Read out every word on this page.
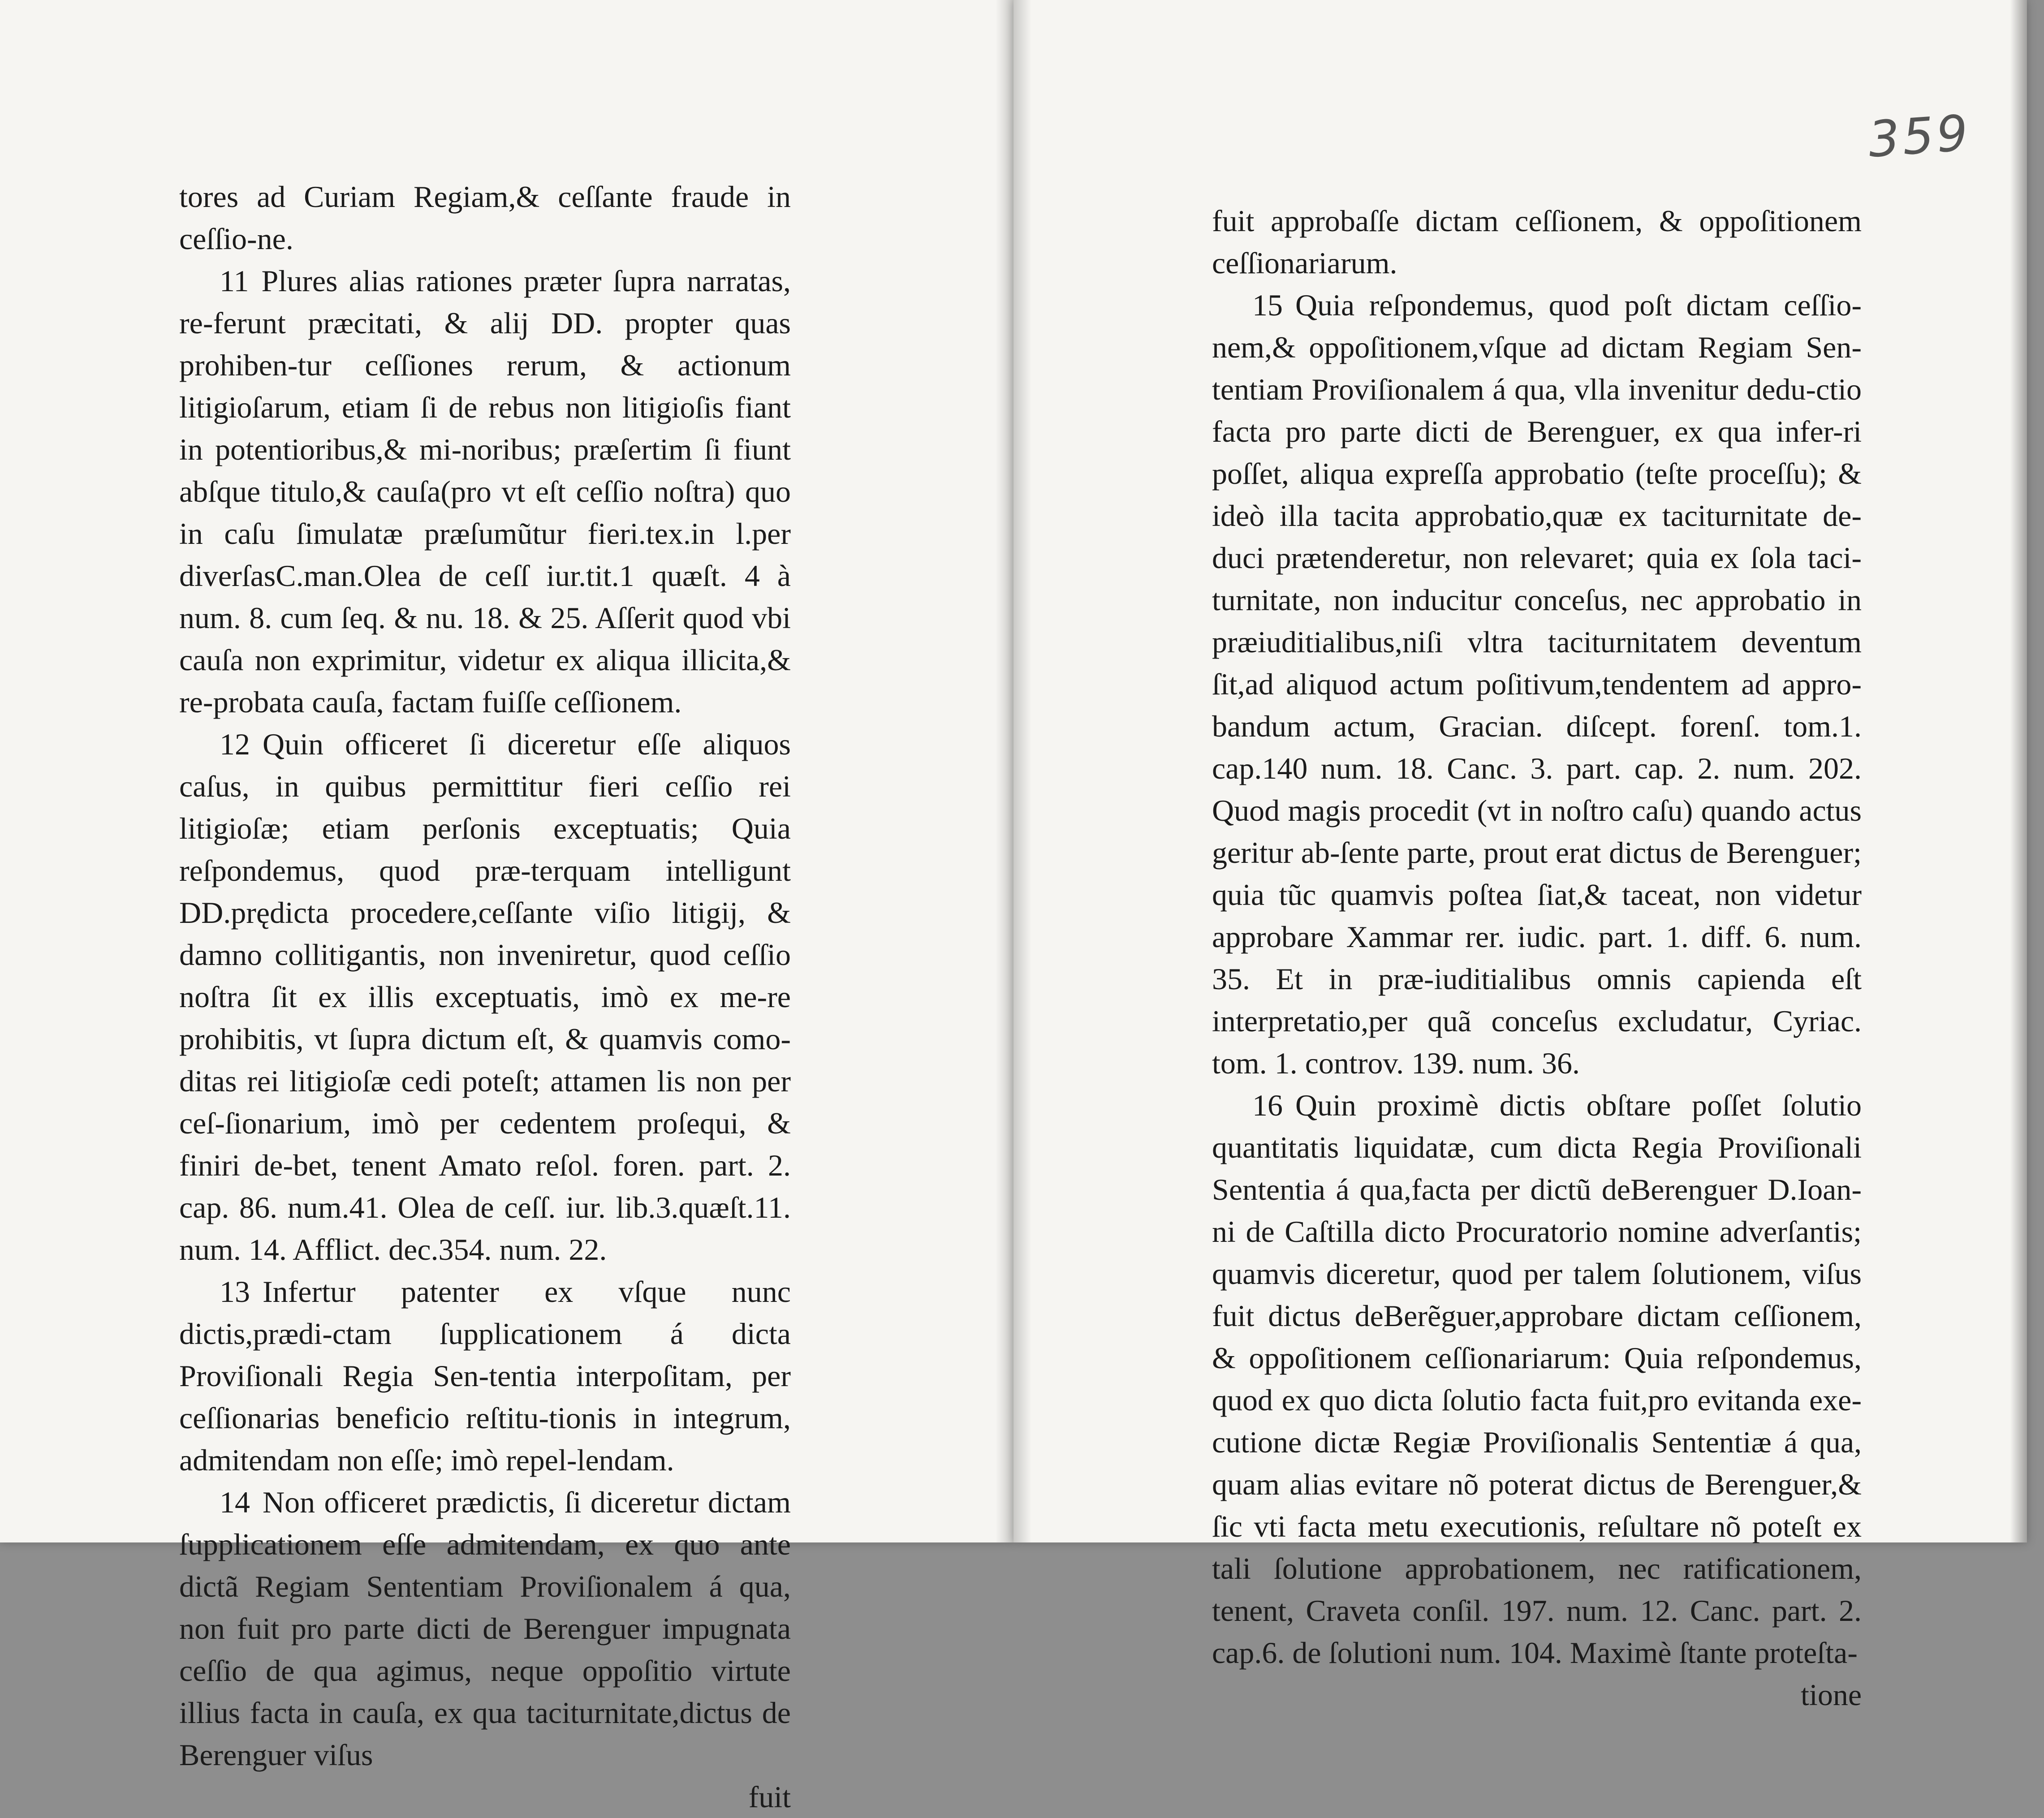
tores ad Curiam Regiam,& ceſſante fraude in ceſſio-ne.

11 Plures alias rationes præter ſupra narratas, re-ferunt præcitati, & alij DD. propter quas prohiben-tur ceſſiones rerum, & actionum litigioſarum, etiam ſi de rebus non litigioſis fiant in potentioribus,& mi-noribus; præſertim ſi fiunt abſque titulo,& cauſa(pro vt eſt ceſſio noſtra) quo in caſu ſimulatæ præſumũtur fieri.tex.in l.per diverſasC.man.Olea de ceſſ iur.tit.1 quæſt. 4 à num. 8. cum ſeq. & nu. 18. & 25. Aſſerit quod vbi cauſa non exprimitur, videtur ex aliqua illicita,& re-probata cauſa, factam fuiſſe ceſſionem.

12 Quin officeret ſi diceretur eſſe aliquos caſus, in quibus permittitur fieri ceſſio rei litigioſæ; etiam perſonis exceptuatis; Quia reſpondemus, quod præ-terquam intelligunt DD.prędicta procedere,ceſſante viſio litigij, & damno collitigantis, non inveniretur, quod ceſſio noſtra ſit ex illis exceptuatis, imò ex me-re prohibitis, vt ſupra dictum eſt, & quamvis como-ditas rei litigioſæ cedi poteſt; attamen lis non per ceſ-ſionarium, imò per cedentem proſequi, & finiri de-bet, tenent Amato reſol. foren. part. 2. cap. 86. num.41. Olea de ceſſ. iur. lib.3.quæſt.11. num. 14. Afflict. dec.354. num. 22.

13 Infertur patenter ex vſque nunc dictis,prædi-ctam ſupplicationem á dicta Proviſionali Regia Sen-tentia interpoſitam, per ceſſionarias beneficio reſtitu-tionis in integrum, admitendam non eſſe; imò repel-lendam.

14 Non officeret prædictis, ſi diceretur dictam ſupplicationem eſſe admitendam, ex quo ante dictã Regiam Sententiam Proviſionalem á qua, non fuit pro parte dicti de Berenguer impugnata ceſſio de qua agimus, neque oppoſitio virtute illius facta in cauſa, ex qua taciturnitate,dictus de Berenguer viſus

fuit

359

fuit approbaſſe dictam ceſſionem, & oppoſitionem ceſſionariarum.

15 Quia reſpondemus, quod poſt dictam ceſſio-nem,& oppoſitionem,vſque ad dictam Regiam Sen-tentiam Proviſionalem á qua, vlla invenitur dedu-ctio facta pro parte dicti de Berenguer, ex qua infer-ri poſſet, aliqua expreſſa approbatio (teſte proceſſu); & ideò illa tacita approbatio,quæ ex taciturnitate de-duci prætenderetur, non relevaret; quia ex ſola taci-turnitate, non inducitur conceſus, nec approbatio in præiuditialibus,niſi vltra taciturnitatem deventum ſit,ad aliquod actum poſitivum,tendentem ad appro-bandum actum, Gracian. diſcept. forenſ. tom.1. cap.140 num. 18. Canc. 3. part. cap. 2. num. 202. Quod magis procedit (vt in noſtro caſu) quando actus geritur ab-ſente parte, prout erat dictus de Berenguer; quia tũc quamvis poſtea ſiat,& taceat, non videtur approbare Xammar rer. iudic. part. 1. diff. 6. num. 35. Et in præ-iuditialibus omnis capienda eſt interpretatio,per quã conceſus excludatur, Cyriac. tom. 1. controv. 139. num. 36.

16 Quin proximè dictis obſtare poſſet ſolutio quantitatis liquidatæ, cum dicta Regia Proviſionali Sententia á qua,facta per dictũ deBerenguer D.Ioan-ni de Caſtilla dicto Procuratorio nomine adverſantis; quamvis diceretur, quod per talem ſolutionem, viſus fuit dictus deBerẽguer,approbare dictam ceſſionem, & oppoſitionem ceſſionariarum: Quia reſpondemus, quod ex quo dicta ſolutio facta fuit,pro evitanda exe-cutione dictæ Regiæ Proviſionalis Sententiæ á qua, quam alias evitare nõ poterat dictus de Berenguer,& ſic vti facta metu executionis, reſultare nõ poteſt ex tali ſolutione approbationem, nec ratificationem, tenent, Craveta conſil. 197. num. 12. Canc. part. 2. cap.6. de ſolutioni num. 104. Maximè ſtante proteſta-

tione
